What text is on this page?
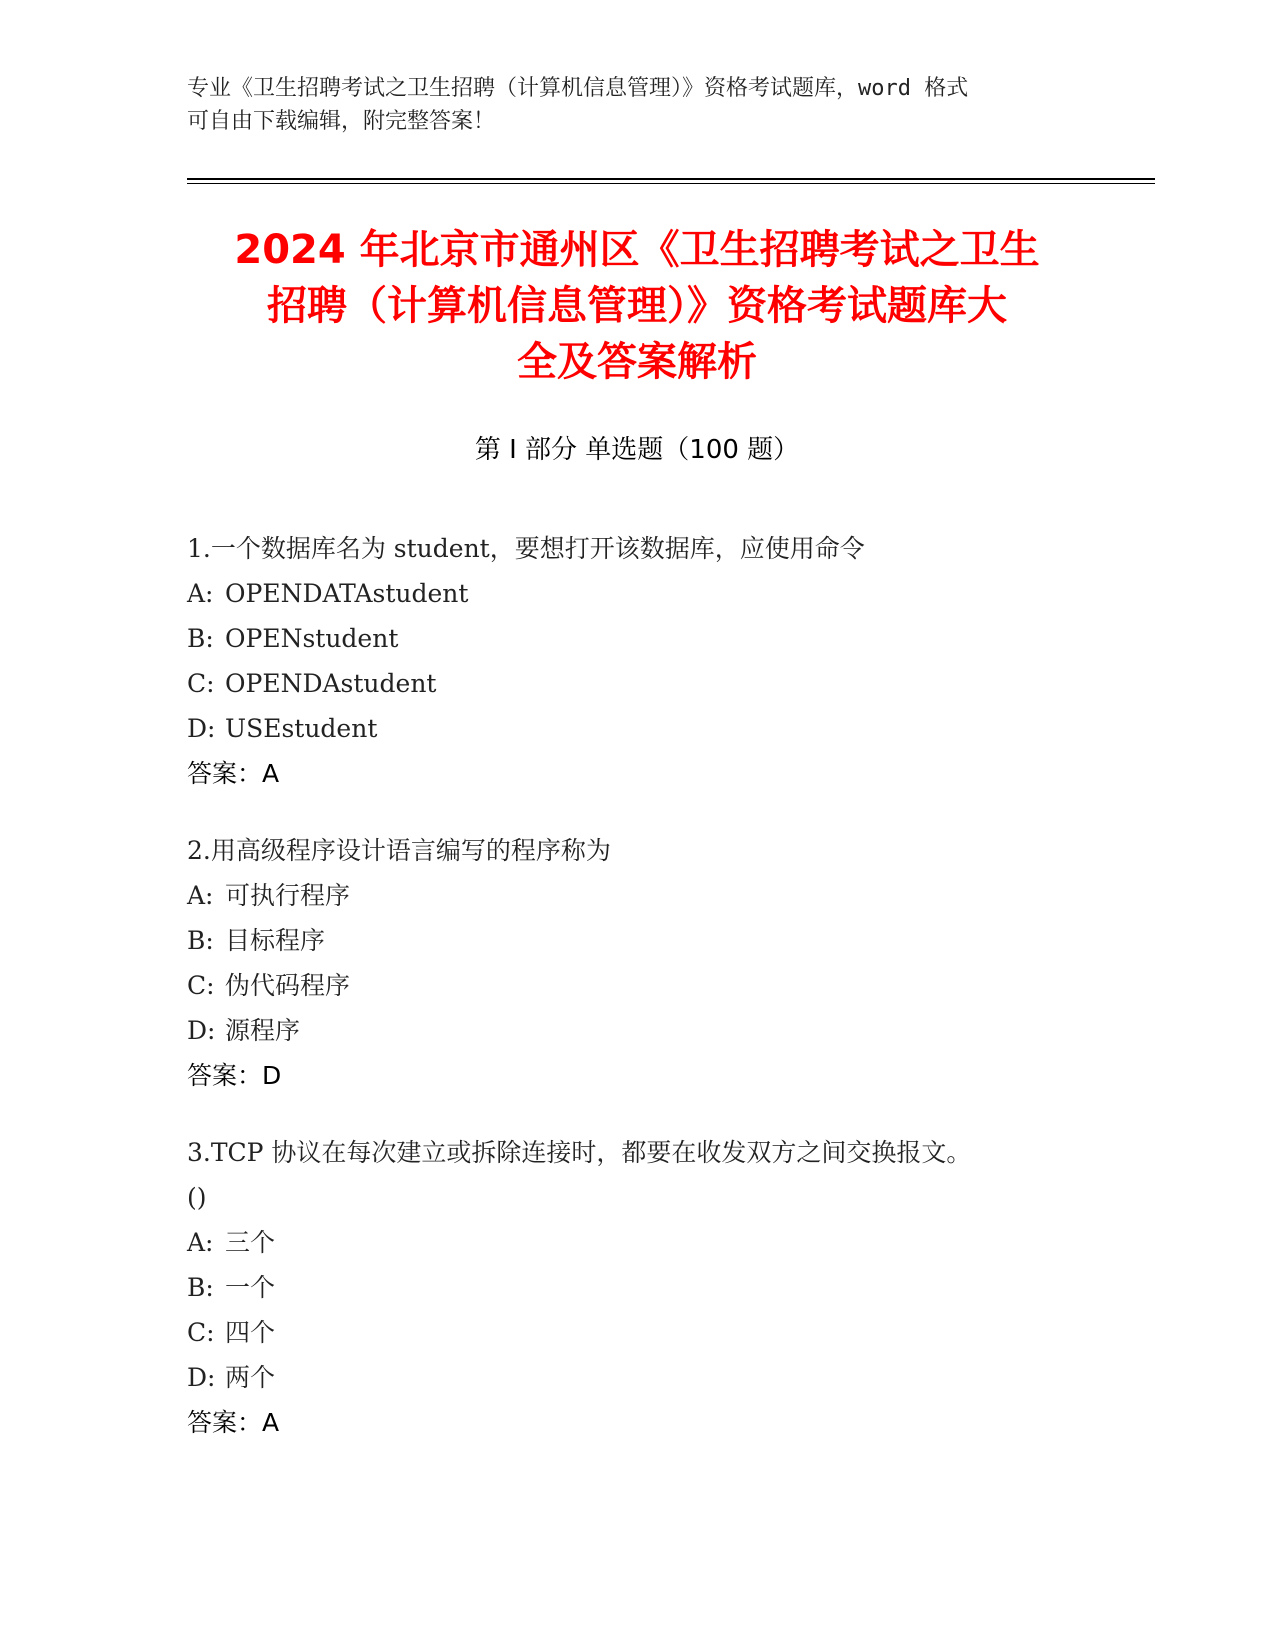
专业《卫生招聘考试之卫生招聘（计算机信息管理）》资格考试题库，word 格式
可自由下载编辑，附完整答案！
2024 年北京市通州区《卫生招聘考试之卫生
招聘（计算机信息管理）》资格考试题库大
全及答案解析
第 I 部分 单选题（100 题）
1.一个数据库名为 student，要想打开该数据库，应使用命令
A: OPENDATAstudent
B: OPENstudent
C: OPENDAstudent
D: USEstudent
答案：A
2.用高级程序设计语言编写的程序称为
A: 可执行程序
B: 目标程序
C: 伪代码程序
D: 源程序
答案：D
3.TCP 协议在每次建立或拆除连接时，都要在收发双方之间交换报文。
()
A: 三个
B: 一个
C: 四个
D: 两个
答案：A
